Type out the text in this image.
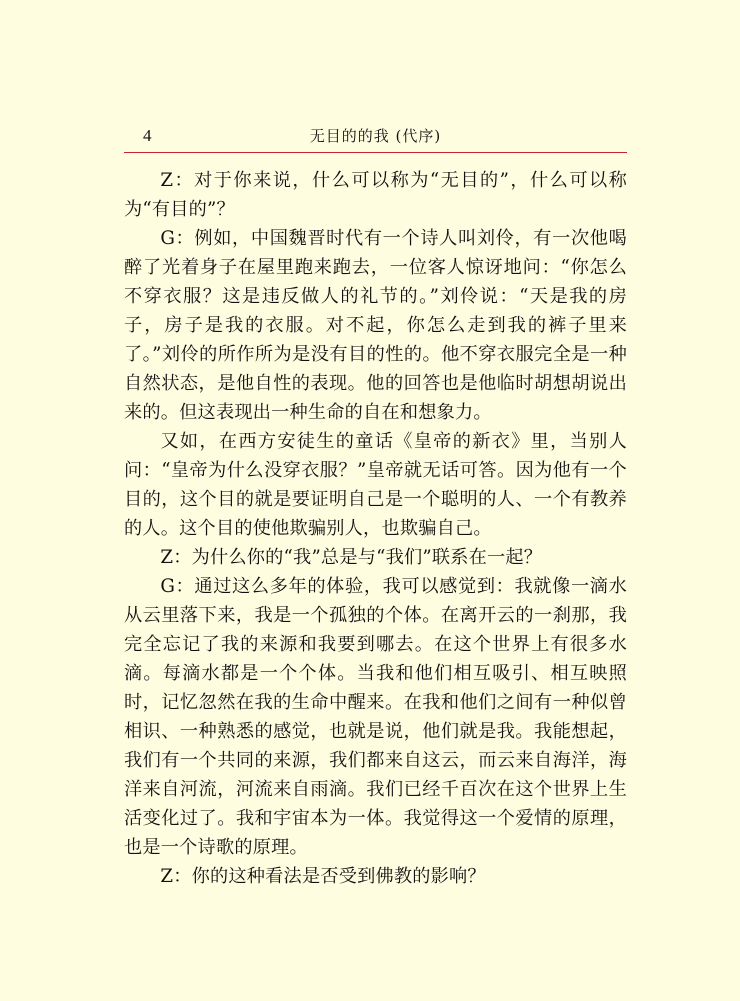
4	无目的的我 (代序)

Z：对于你来说，什么可以称为“无目的”，什么可以称为“有目的”？

G：例如，中国魏晋时代有一个诗人叫刘伶，有一次他喝醉了光着身子在屋里跑来跑去，一位客人惊讶地问：“你怎么不穿衣服？这是违反做人的礼节的。”刘伶说：“天是我的房子，房子是我的衣服。对不起，你怎么走到我的裤子里来了。”刘伶的所作所为是没有目的性的。他不穿衣服完全是一种自然状态，是他自性的表现。他的回答也是他临时胡想胡说出来的。但这表现出一种生命的自在和想象力。

又如，在西方安徒生的童话《皇帝的新衣》里，当别人问：“皇帝为什么没穿衣服？”皇帝就无话可答。因为他有一个目的，这个目的就是要证明自己是一个聪明的人、一个有教养的人。这个目的使他欺骗别人，也欺骗自己。

Z：为什么你的“我”总是与“我们”联系在一起？

G：通过这么多年的体验，我可以感觉到：我就像一滴水从云里落下来，我是一个孤独的个体。在离开云的一刹那，我完全忘记了我的来源和我要到哪去。在这个世界上有很多水滴。每滴水都是一个个体。当我和他们相互吸引、相互映照时，记忆忽然在我的生命中醒来。在我和他们之间有一种似曾相识、一种熟悉的感觉，也就是说，他们就是我。我能想起，我们有一个共同的来源，我们都来自这云，而云来自海洋，海洋来自河流，河流来自雨滴。我们已经千百次在这个世界上生活变化过了。我和宇宙本为一体。我觉得这一个爱情的原理，也是一个诗歌的原理。

Z：你的这种看法是否受到佛教的影响？
